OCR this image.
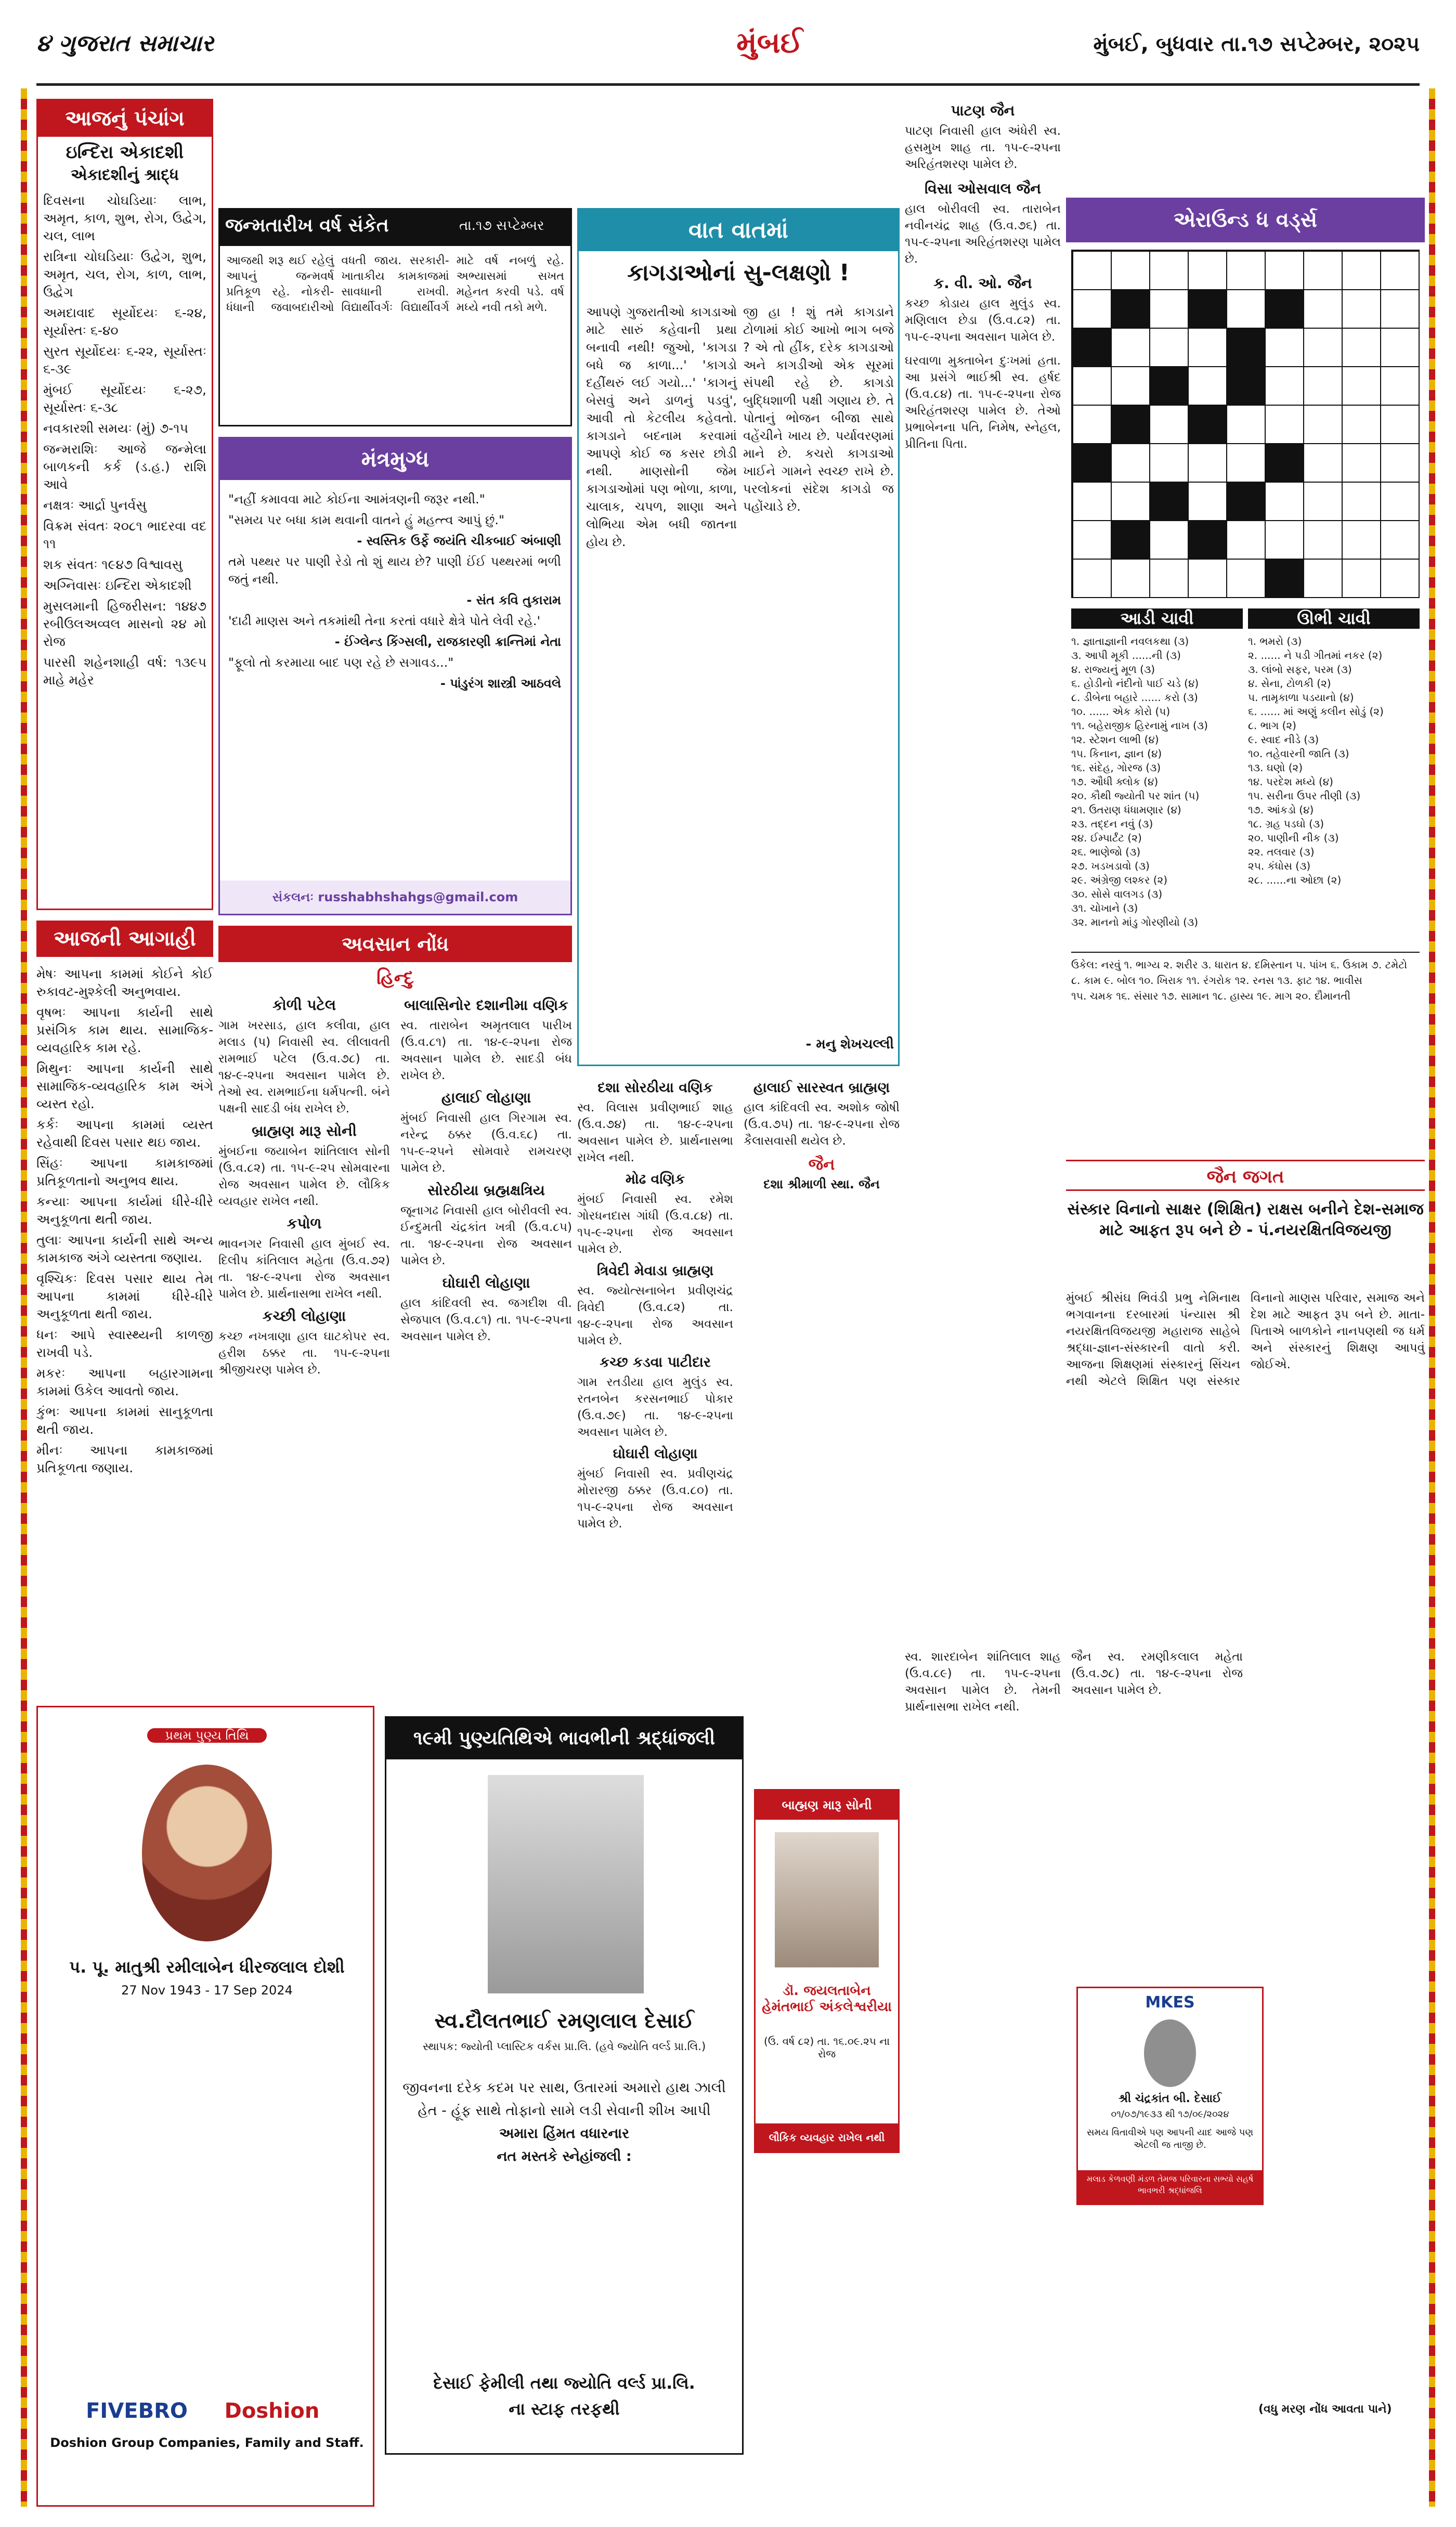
૪ ગુજરાત સમાચાર	મુંબઈ	મુંબઈ, બુધવાર તા.૧૭ સપ્ટેમ્બર, ૨૦૨૫
આજનું પંચાંગ
ઇન્દિરા એકાદશી
એકાદશીનું શ્રાદ્ધ

દિવસના ચોઘડિયાઃ લાભ, અમૃત, કાળ, શુભ, રોગ, ઉદ્વેગ, ચલ, લાભ

રાત્રિના ચોઘડિયાઃ ઉદ્વેગ, શુભ, અમૃત, ચલ, રોગ, કાળ, લાભ, ઉદ્વેગ

અમદાવાદ સૂર્યોદયઃ ૬-૨૪, સૂર્યાસ્તઃ ૬-૪૦

સુરત સૂર્યોદયઃ ૬-૨૨, સૂર્યાસ્તઃ ૬-૩૯

મુંબઈ સૂર્યોદયઃ ૬-૨૭, સૂર્યાસ્તઃ ૬-૩૮

નવકારશી સમયઃ (મું) ૭-૧૫

જન્મરાશિઃ આજે જન્મેલા બાળકની કર્ક (ડ.હ.) રાશિ આવે

નક્ષત્રઃ આર્દ્રા પુનર્વસુ

વિક્રમ સંવતઃ ૨૦૮૧ ભાદરવા વદ ૧૧

શક સંવતઃ ૧૯૪૭ વિશ્વાવસુ

અગ્નિવાસઃ ઇન્દિરા એકાદશી

મુસલમાની હિજરીસન: ૧૪૪૭ રબીઉલઅવ્વલ માસનો ૨૪ મો રોજ

પારસી શહેનશાહી વર્ષ: ૧૩૯૫ માહે મહેર

આજની આગાહી

મેષઃ આપના કામમાં કોઈને કોઈ રુકાવટ-મુશ્કેલી અનુભવાય.

વૃષભઃ આપના કાર્યની સાથે પ્રસંગિક કામ થાય. સામાજિક-વ્યવહારિક કામ રહે.

મિથુનઃ આપના કાર્યની સાથે સામાજિક-વ્યવહારિક કામ અંગે વ્યસ્ત રહો.

કર્કઃ આપના કામમાં વ્યસ્ત રહેવાથી દિવસ પસાર થઇ જાય.

સિંહઃ આપના કામકાજમાં પ્રતિકૂળતાનો અનુભવ થાય.

કન્યાઃ આપના કાર્યમાં ધીરે-ધીરે અનુકૂળતા થતી જાય.

તુલાઃ આપના કાર્યની સાથે અન્ય કામકાજ અંગે વ્યસ્તતા જણાય.

વૃશ્ચિકઃ દિવસ પસાર થાય તેમ આપના કામમાં ધીરે-ધીરે અનુકૂળતા થતી જાય.

ધનઃ આપે સ્વાસ્થ્યની કાળજી રાખવી પડે.

મકરઃ આપના બહારગામના કામમાં ઉકેલ આવતો જાય.

કુંભઃ આપના કામમાં સાનુકૂળતા થતી જાય.

મીનઃ આપના કામકાજમાં પ્રતિકૂળતા જણાય.

જન્મતારીખ વર્ષ સંકેત	તા.૧૭ સપ્ટેમ્બર
આજથી શરૂ થઈ રહેલું આપનું જન્મવર્ષ પ્રતિકૂળ રહે. નોકરી-ધંધાની જવાબદારીઓ વધતી જાય. સરકારી-ખાતાકીય કામકાજમાં સાવધાની રાખવી. વિદ્યાર્થીવર્ગઃ વિદ્યાર્થીવર્ગ માટે વર્ષ નબળું રહે. અભ્યાસમાં સખત મહેનત કરવી પડે. વર્ષ મધ્યે નવી તકો મળે.
મંત્રમુગ્ધ

"નહીં કમાવવા માટે કોઈના આમંત્રણની જરૂર નથી."

"સમય પર બધા કામ થવાની વાતને હું મહત્ત્વ આપું છું."

- સ્વસ્તિક ઉર્ફે જયંતિ ચીકબાઈ અંબાણી

તમે પથ્થર પર પાણી રેડો તો શું થાય છે? પાણી ઈંઈ પથ્થરમાં ભળી જતું નથી.

- સંત કવિ તુકારામ

'દાઢી માણસ અને તકમાંથી તેના કરતાં વધારે ક્ષેત્રે પોતે લેવી રહે.'

- ઈંગ્લેન્ડ કિંગ્સલી, રાજકારણી ક્રાન્તિમાં નેતા

"ફૂલો તો કરમાયા બાદ પણ રહે છે સગાવડ..."

- પાંડુરંગ શાસ્ત્રી આઠવલે

સંકલનઃ russhabhshahgs@gmail.com
વાત વાતમાં
કાગડાઓનાં સુ-લક્ષણો !
આપણે ગુજરાતીઓ કાગડાઓ માટે સારું કહેવાની પ્રથા બનાવી નથી! જુઓ, 'કાગડા બધે જ કાળા...' 'કાગડો દહીંથરું લઈ ગયો...' 'કાગનું બેસવું અને ડાળનું પડવું', આવી તો કેટલીય કહેવતો. કાગડાને બદનામ કરવામાં આપણે કોઈ જ કસર છોડી નથી. માણસોની જેમ કાગડાઓમાં પણ ભોળા, કાળા, ચાલાક, ચપળ, શાણા અને લોભિયા એમ બધી જાતના હોય છે.
જી હા ! શું તમે કાગડાને ટોળામાં કોઈ આખો ભાગ બજે ? એ તો હીંક, દરેક કાગડાઓ અને કાગડીઓ એક સૂરમાં સંપથી રહે છે. કાગડો બુદ્ધિશાળી પક્ષી ગણાય છે. તે પોતાનું ભોજન બીજા સાથે વહેંચીને ખાય છે. પર્યાવરણમાં માને છે. કચરો કાગડાઓ ખાઈને ગામને સ્વચ્છ રાખે છે. પરલોકનાં સંદેશ કાગડો જ પહોંચાડે છે.
- મનુ શેખચલ્લી
અવસાન નોંધ
હિન્દુ
કોળી પટેલ
ગામ ખરસાડ, હાલ કલીવા, હાલ મલાડ (પ) નિવાસી સ્વ. લીલાવતી રામભાઈ પટેલ (ઉ.વ.૭૮) તા. ૧૪-૯-૨૫ના અવસાન પામેલ છે. તેઓ સ્વ. રામભાઈના ધર્મપત્ની. બંને પક્ષની સાદડી બંધ રાખેલ છે.
બ્રાહ્મણ મારૂ સોની
મુંબઈના જયાબેન શાંતિલાલ સોની (ઉ.વ.૮૨) તા. ૧૫-૯-૨૫ સોમવારના રોજ અવસાન પામેલ છે. લૌકિક વ્યવહાર રાખેલ નથી.
કપોળ
ભાવનગર નિવાસી હાલ મુંબઈ સ્વ. દિલીપ કાંતિલાલ મહેતા (ઉ.વ.૭૨) તા. ૧૪-૯-૨૫ના રોજ અવસાન પામેલ છે. પ્રાર્થનાસભા રાખેલ નથી.
કચ્છી લોહાણા
કચ્છ નખત્રાણા હાલ ઘાટકોપર સ્વ. હરીશ ઠક્કર તા. ૧૫-૯-૨૫ના શ્રીજીચરણ પામેલ છે.
બાલાસિનોર દશાનીમા વણિક
સ્વ. તારાબેન અમૃતલાલ પારીખ (ઉ.વ.૮૧) તા. ૧૪-૯-૨૫ના રોજ અવસાન પામેલ છે. સાદડી બંધ રાખેલ છે.
હાલાઈ લોહાણા
મુંબઈ નિવાસી હાલ ગિરગામ સ્વ. નરેન્દ્ર ઠક્કર (ઉ.વ.૬૮) તા. ૧૫-૯-૨૫ને સોમવારે રામચરણ પામેલ છે.
સોરઠીયા બ્રહ્મક્ષત્રિય
જૂનાગઢ નિવાસી હાલ બોરીવલી સ્વ. ઈન્દુમતી ચંદ્રકાંત ખત્રી (ઉ.વ.૮૫) તા. ૧૪-૯-૨૫ના રોજ અવસાન પામેલ છે.
ઘોઘારી લોહાણા
હાલ કાંદિવલી સ્વ. જગદીશ વી. સેજપાલ (ઉ.વ.૮૧) તા. ૧૫-૯-૨૫ના અવસાન પામેલ છે.
દશા સોરઠીયા વણિક
સ્વ. વિલાસ પ્રવીણભાઈ શાહ (ઉ.વ.૭૪) તા. ૧૪-૯-૨૫ના અવસાન પામેલ છે. પ્રાર્થનાસભા રાખેલ નથી.
મોઢ વણિક
મુંબઈ નિવાસી સ્વ. રમેશ ગોરધનદાસ ગાંધી (ઉ.વ.૮૪) તા. ૧૫-૯-૨૫ના રોજ અવસાન પામેલ છે.
ત્રિવેદી મેવાડા બ્રાહ્મણ
સ્વ. જ્યોત્સનાબેન પ્રવીણચંદ્ર ત્રિવેદી (ઉ.વ.૮૨) તા. ૧૪-૯-૨૫ના રોજ અવસાન પામેલ છે.
કચ્છ કડવા પાટીદાર
ગામ રતડીયા હાલ મુલુંડ સ્વ. રતનબેન કરસનભાઈ પોકાર (ઉ.વ.૭૯) તા. ૧૪-૯-૨૫ના અવસાન પામેલ છે.
ઘોઘારી લોહાણા
મુંબઈ નિવાસી સ્વ. પ્રવીણચંદ્ર મોરારજી ઠક્કર (ઉ.વ.૮૦) તા. ૧૫-૯-૨૫ના રોજ અવસાન પામેલ છે.
હાલાઈ સારસ્વત બ્રાહ્મણ
હાલ કાંદિવલી સ્વ. અશોક જોષી (ઉ.વ.૭૫) તા. ૧૪-૯-૨૫ના રોજ કૈલાસવાસી થયેલ છે.
જૈન
દશા શ્રીમાળી સ્થા. જૈન
પાટણ જૈન
પાટણ નિવાસી હાલ અંધેરી સ્વ. હસમુખ શાહ તા. ૧૫-૯-૨૫ના અરિહંતશરણ પામેલ છે.
વિસા ઓસવાલ જૈન
હાલ બોરીવલી સ્વ. તારાબેન નવીનચંદ્ર શાહ (ઉ.વ.૭૬) તા. ૧૫-૯-૨૫ના અરિહંતશરણ પામેલ છે.
ક. વી. ઓ. જૈન
કચ્છ કોડાય હાલ મુલુંડ સ્વ. મણિલાલ છેડા (ઉ.વ.૮૨) તા. ૧૫-૯-૨૫ના અવસાન પામેલ છે.
ઘરવાળા મુક્તાબેન દુઃખમાં હતા. આ પ્રસંગે ભાઈશ્રી સ્વ. હર્ષદ (ઉ.વ.૮૪) તા. ૧૫-૯-૨૫ના રોજ અરિહંતશરણ પામેલ છે. તેઓ પ્રભાબેનના પતિ, નિમેષ, સ્નેહલ, પ્રીતિના પિતા.
એરાઉન્ડ ધ વર્ડ્સ
આડી ચાવી	ઊભી ચાવી
૧. જ્ઞાતાજ્ઞાની નવલકથા (૩)
૩. આપી મૂકી ......ની (૩)
૪. રાજ્યનું મૂળ (૩)
૬. હોડીનો નંદીનો પાઈ ચડે (૪)
૮. ડીબેના બહારે ...... કરો (૩)
૧૦. ...... એક કોરો (૫)
૧૧. બહેરાજીક હિરનામું નાખ (૩)
૧૨. સ્ટેશન લાભી (૪)
૧૫. કિનાન, જ્ઞાન (૪)
૧૬. સંદેહ, ગોરજ (૩)
૧૭. ઔધી ક્લોક (૪)
૨૦. કૌથી જ્યોતી પર શાંત (૫)
૨૧. ઉતરાણ ધંધામણાર (૪)
૨૩. તદ્દન નવું (૩)
૨૪. ઈમ્પાર્ટંટ (૨)
૨૬. ભાણેજો (૩)
૨૭. ખડખડાવો (૩)
૨૯. અંગ્રેજી લશ્કર (૨)
૩૦. સોસે વાલગડ (૩)
૩૧. ચોખાને (૩)
૩૨. માનનો માંડુ ગોરણીયો (૩)
૧. ભમરો (૩)
૨. ...... ને પડી ગીતમાં નકર (૨)
૩. લાંબો સફર, પરમ (૩)
૪. સેના, ટોળકી (૨)
૫. તામૃકાળા પડયાનો (૪)
૬. ...... માં અણું કલીન સોડું (૨)
૮. ભાગ (૨)
૯. સ્વાદ નીડે (૩)
૧૦. તહેવારની જાતિ (૩)
૧૩. ઘણો (૨)
૧૪. પરદેશ મધ્યે (૪)
૧૫. સરીના ઉપર તીણી (૩)
૧૭. આંકડો (૪)
૧૮. ગ્રહ પડઘો (૩)
૨૦. પાણીની નીક (૩)
૨૨. તલવાર (૩)
૨૫. કંધોસ (૩)
૨૮. ......ના ઓછા (૨)
ઉકેલ: નરવું ૧. ભાગ્ય ૨. શરીર ૩. ધારાત ૪. દમિસ્તાન ૫. પાંખ ૬. ઉકામ ૭. ટમેટો
૮. કામ ૯. બોલ ૧૦. ખિરાક ૧૧. રંગરોક ૧૨. રનસ ૧૩. ફાટ ૧૪. ભાવીસ
૧૫. ચમક ૧૬. સંસાર ૧૭. સામાન ૧૮. હાસ્ય ૧૯. માગ ૨૦. દૌમાનતી
જૈન જગત
સંસ્કાર વિનાનો સાક્ષર (શિક્ષિત) રાક્ષસ બનીને દેશ-સમાજ માટે આફત રૂપ બને છે - પં.નયરક્ષિતવિજયજી
મુંબઈ શ્રીસંઘ ભિવંડી પ્રભુ નેમિનાથ ભગવાનના દરબારમાં પંન્યાસ શ્રી નયરક્ષિતવિજયજી મહારાજ સાહેબે શ્રદ્ધા-જ્ઞાન-સંસ્કારની વાતો કરી. આજના શિક્ષણમાં સંસ્કારનું સિંચન નથી એટલે શિક્ષિત પણ સંસ્કાર વિનાનો માણસ પરિવાર, સમાજ અને દેશ માટે આફત રૂપ બને છે. માતા-પિતાએ બાળકોને નાનપણથી જ ધર્મ અને સંસ્કારનું શિક્ષણ આપવું જોઈએ.
સ્વ. શારદાબેન શાંતિલાલ શાહ (ઉ.વ.૮૯) તા. ૧૫-૯-૨૫ના અવસાન પામેલ છે. તેમની પ્રાર્થનાસભા રાખેલ નથી.
જૈન સ્વ. રમણીકલાલ મહેતા (ઉ.વ.૭૮) તા. ૧૪-૯-૨૫ના રોજ અવસાન પામેલ છે.
(વધુ મરણ નોંધ આવતા પાને)
પ્રથમ પુણ્ય તિથિ
પ. પૂ. માતુશ્રી રમીલાબેન ધીરજલાલ દોશી
27 Nov 1943 - 17 Sep 2024
FIVEBRO	Doshion
Doshion Group Companies, Family and Staff.
૧૯મી પુણ્યતિથિએ ભાવભીની શ્રદ્ધાંજલી
સ્વ.દૌલતભાઈ રમણલાલ દેસાઈ
સ્થાપક: જ્યોતી પ્લાસ્ટિક વર્કસ પ્રા.લિ. (હવે જ્યોતિ વર્લ્ડ પ્રા.લિ.)
જીવનના દરેક કદમ પર સાથ, ઉતારમાં અમારો હાથ ઝાલી
હેત - હૂંફ સાથે તોફાનો સામે લડી સેવાની શીખ આપી
અમારા હિંમત વધારનાર
નત મસ્તકે સ્નેહાંજલી :
દેસાઈ ફેમીલી તથા જ્યોતિ વર્લ્ડ પ્રા.લિ.
ના સ્ટાફ તરફથી
બાહ્મણ મારૂ સોની
ડૉ. જયલતાબેન હેમંતભાઈ અંકલેશ્વરીયા
(ઉ. વર્ષ ૮૨) તા. ૧૬.૦૯.૨૫ ના રોજ
લૌકિક વ્યવહાર રાખેલ નથી
MKES
શ્રી ચંદ્રકાંત બી. દેસાઈ
૦૧/૦૭/૧૯૩૩ થી ૧૭/૦૯/૨૦૨૪
સમય વિતાવીએ પણ આપની યાદ આજે પણ એટલી જ તાજી છે.
મલાડ કેળવણી મંડળ તેમજ પરિવારના સભ્યો સહર્ષ ભાવભરી શ્રદ્ધાંજલિ
